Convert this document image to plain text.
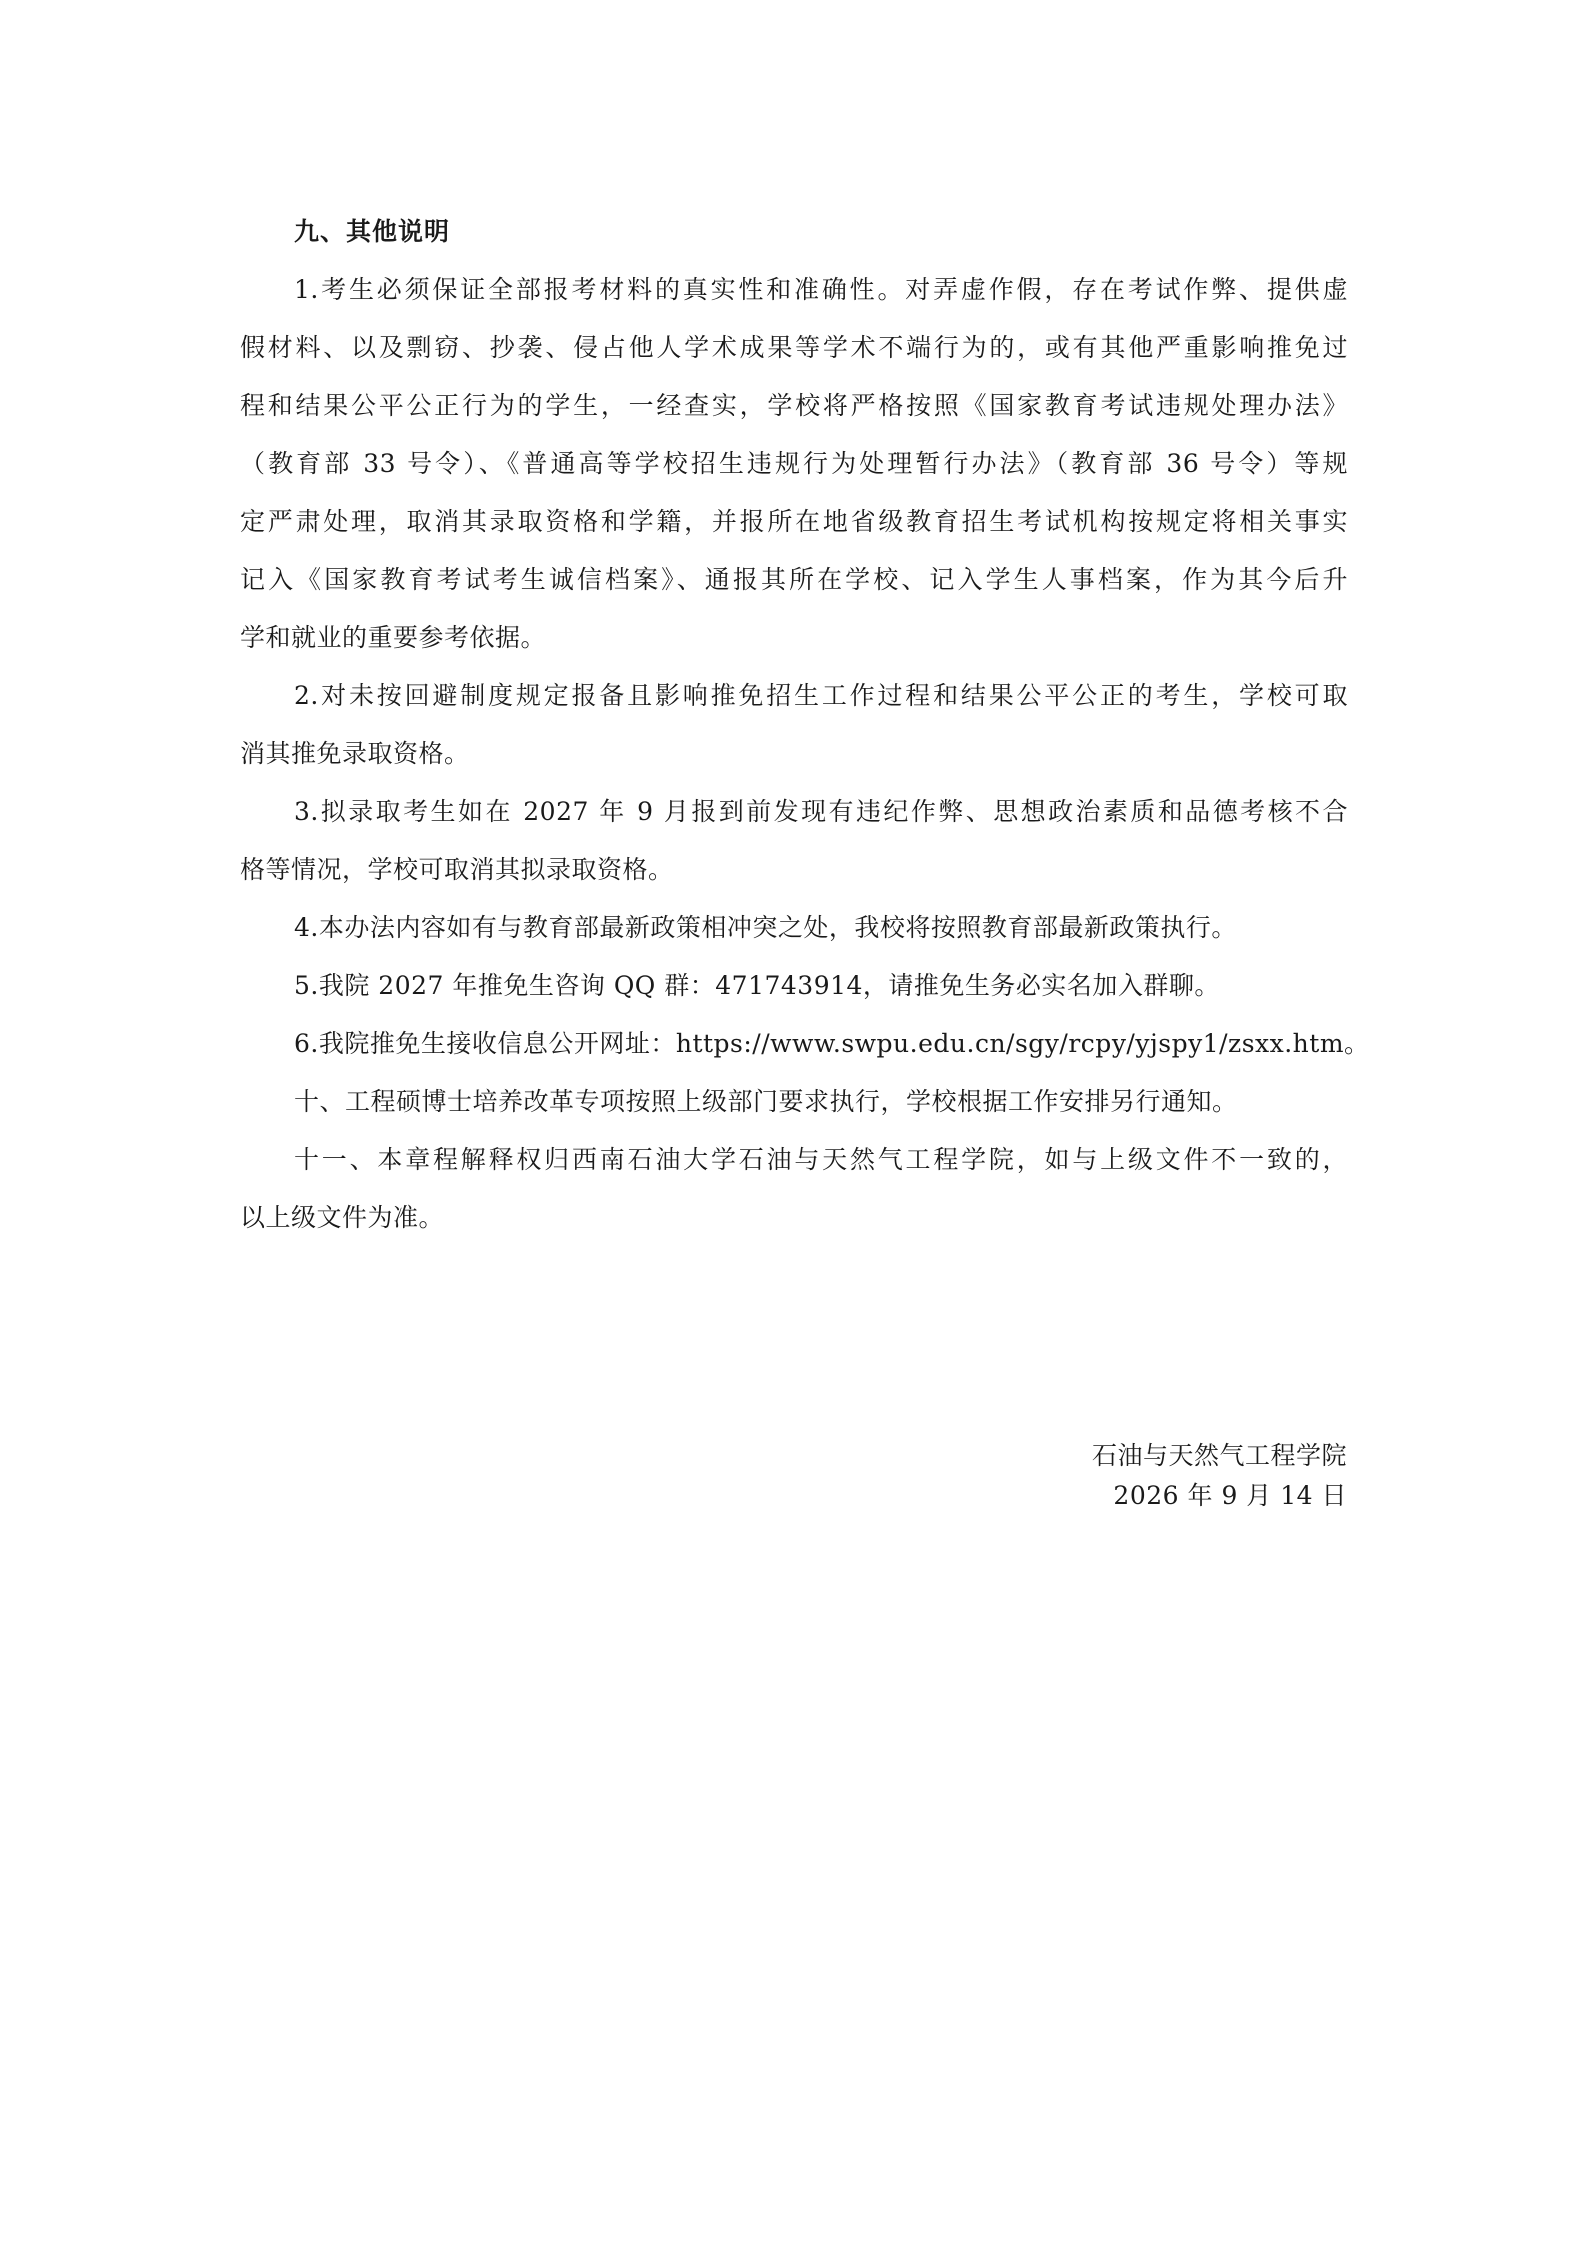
九、其他说明
1.考生必须保证全部报考材料的真实性和准确性。对弄虚作假，存在考试作弊、提供虚
假材料、以及剽窃、抄袭、侵占他人学术成果等学术不端行为的，或有其他严重影响推免过
程和结果公平公正行为的学生，一经查实，学校将严格按照《国家教育考试违规处理办法》
（教育部 33 号令）、《普通高等学校招生违规行为处理暂行办法》（教育部 36 号令）等规
定严肃处理，取消其录取资格和学籍，并报所在地省级教育招生考试机构按规定将相关事实
记入《国家教育考试考生诚信档案》、通报其所在学校、记入学生人事档案，作为其今后升
学和就业的重要参考依据。
2.对未按回避制度规定报备且影响推免招生工作过程和结果公平公正的考生，学校可取
消其推免录取资格。
3.拟录取考生如在 2027 年 9 月报到前发现有违纪作弊、思想政治素质和品德考核不合
格等情况，学校可取消其拟录取资格。
4.本办法内容如有与教育部最新政策相冲突之处，我校将按照教育部最新政策执行。
5.我院 2027 年推免生咨询 QQ 群：471743914，请推免生务必实名加入群聊。
6.我院推免生接收信息公开网址：https://www.swpu.edu.cn/sgy/rcpy/yjspy1/zsxx.htm。
十、工程硕博士培养改革专项按照上级部门要求执行，学校根据工作安排另行通知。
十一、本章程解释权归西南石油大学石油与天然气工程学院，如与上级文件不一致的，
以上级文件为准。
石油与天然气工程学院
2026 年 9 月 14 日
